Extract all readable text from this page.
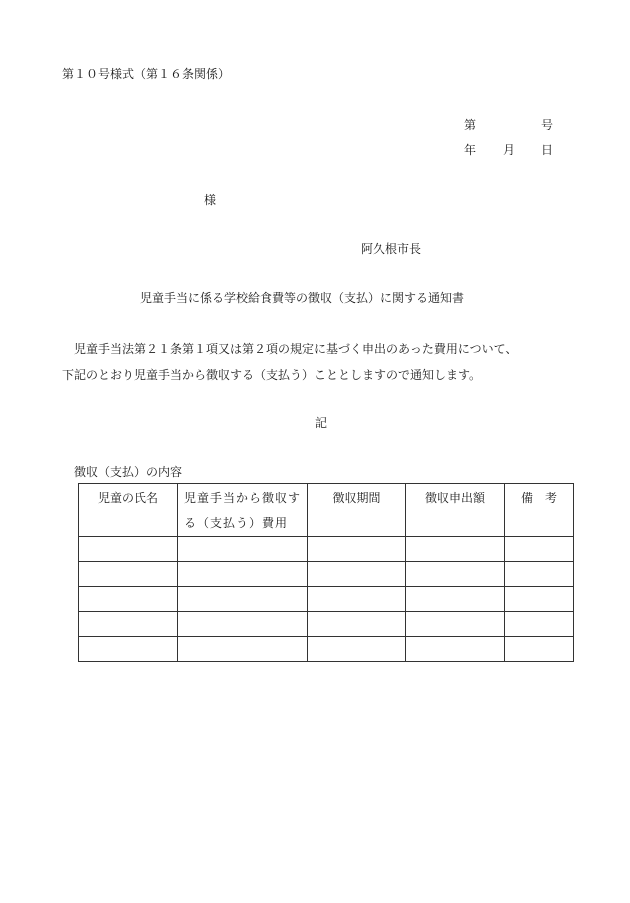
第１０号様式（第１６条関係）
第	号
年 月 日
様
阿久根市長
児童手当に係る学校給食費等の徴収（支払）に関する通知書
児童手当法第２１条第１項又は第２項の規定に基づく申出のあった費用について、
下記のとおり児童手当から徴収する（支払う）こととしますので通知します。
記
徴収（支払）の内容
児童の氏名	児童手当から徴収する（支払う）費用	徴収期間	徴収申出額	備　考
